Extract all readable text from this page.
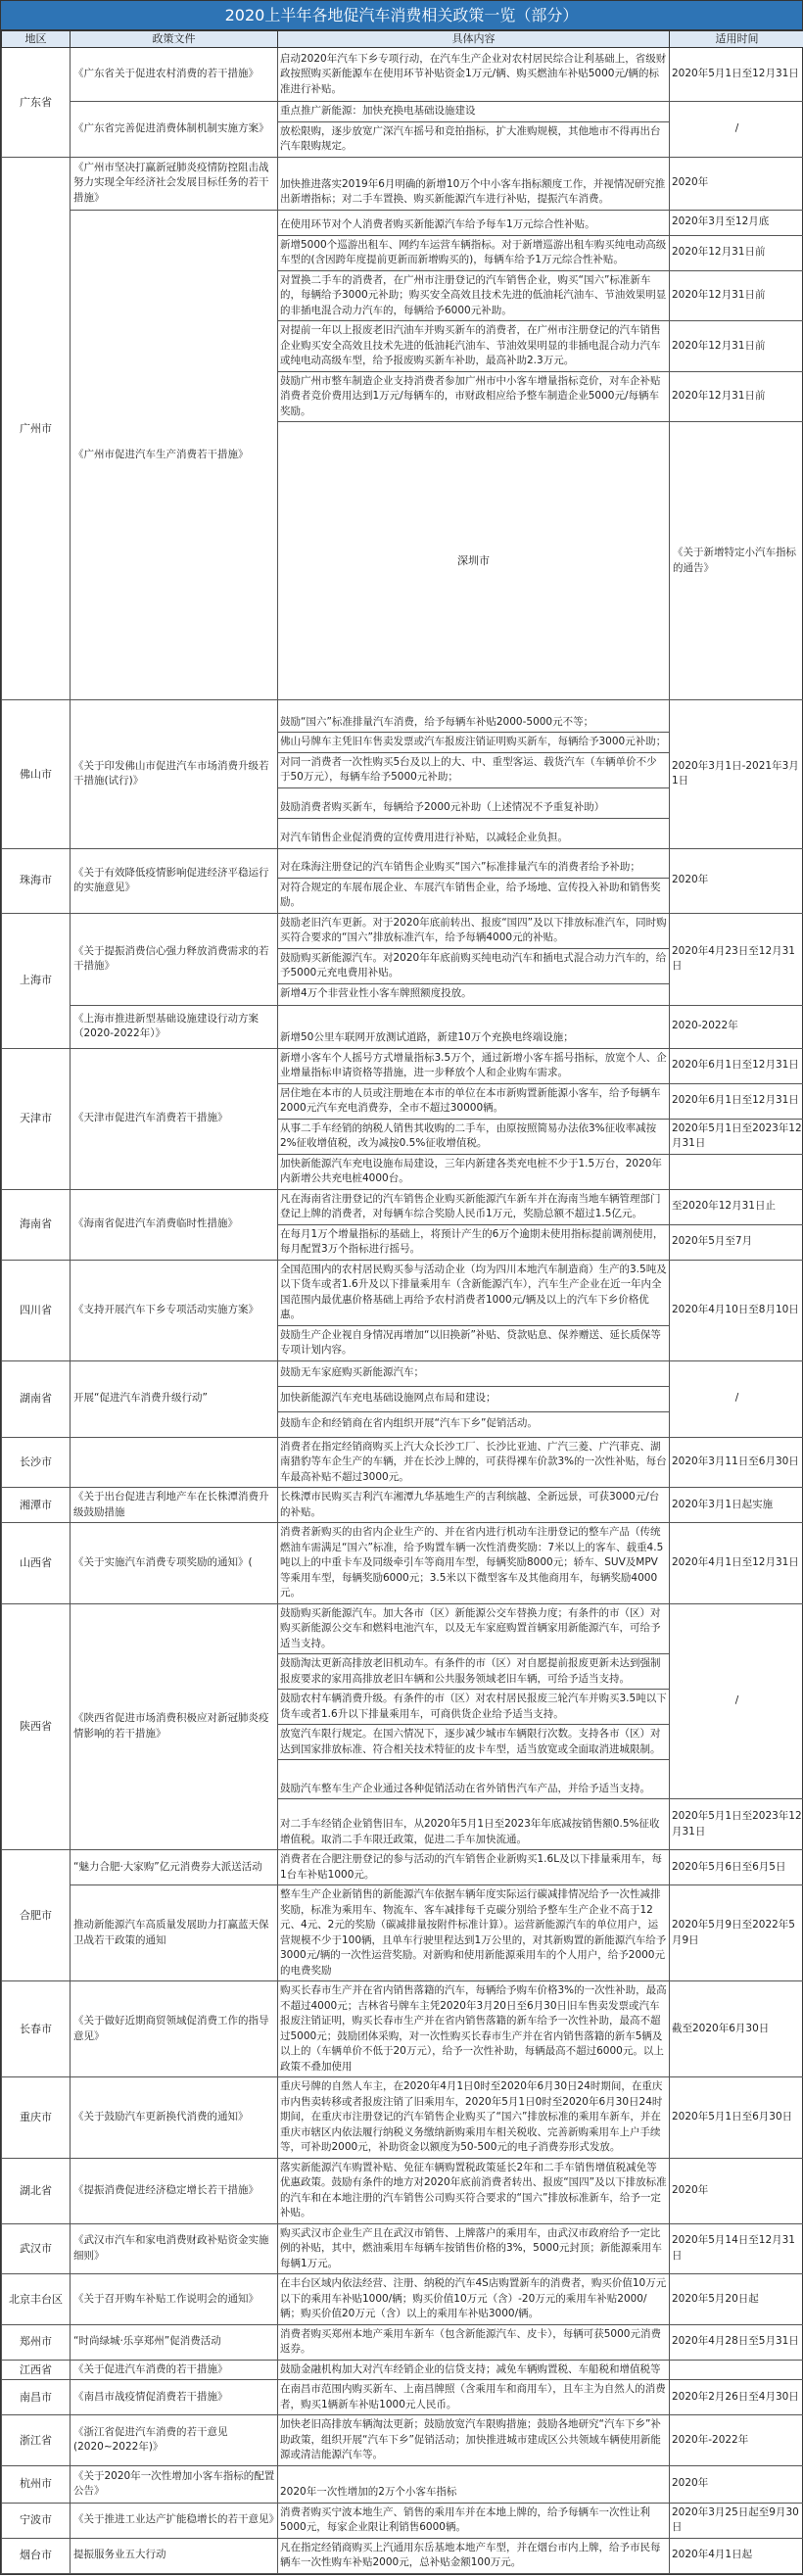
2020上半年各地促汽车消费相关政策一览（部分）
地区	政策文件	具体内容	适用时间	
广东省	《广东省关于促进农村消费的若干措施》	启动2020年汽车下乡专项行动，在汽车生产企业对农村居民综合让利基础上，省级财政按照购买新能源车在使用环节补贴资金1万元/辆、购买燃油车补贴5000元/辆的标准进行补贴。	2020年5月1日至12月31日	
	《广东省完善促进消费体制机制实施方案》	重点推广新能源：加快充换电基础设施建设	/	
		放松限购，逐步放宽广深汽车摇号和竞拍指标，扩大准购规模，其他地市不得再出台汽车限购规定。		
广州市	《广州市坚决打赢新冠肺炎疫情防控阻击战努力实现全年经济社会发展目标任务的若干措施》	加快推进落实2019年6月明确的新增10万个中小客车指标额度工作，并视情况研究推出新增指标；对二手车置换、购买新能源汽车进行补贴，提振汽车消费。	2020年	
	《广州市促进汽车生产消费若干措施》	在使用环节对个人消费者购买新能源汽车给予每车1万元综合性补贴。	2020年3月至12月底	
		新增5000个巡游出租车、网约车运营车辆指标。对于新增巡游出租车购买纯电动高级车型的(含因跨年度提前更新而新增购买的)，每辆车给予1万元综合性补贴。	2020年12月31日前	
		对置换二手车的消费者，在广州市注册登记的汽车销售企业，购买“国六”标准新车的，每辆给予3000元补助；购买安全高效且技术先进的低油耗汽油车、节油效果明显的非插电混合动力汽车的，每辆给予6000元补助。	2020年12月31日前	
		对提前一年以上报废老旧汽油车并购买新车的消费者，在广州市注册登记的汽车销售企业购买安全高效且技术先进的低油耗汽油车、节油效果明显的非插电混合动力汽车或纯电动高级车型，给予报废购买新车补助，最高补助2.3万元。	2020年12月31日前	
		鼓励广州市整车制造企业支持消费者参加广州市中小客车增量指标竞价，对车企补贴消费者竞价费用达到1万元/每辆车的，市财政相应给予整车制造企业5000元/每辆车奖励。	2020年12月31日前	
		深圳市	《关于新增特定小汽车指标的通告》		
佛山市	《关于印发佛山市促进汽车市场消费升级若干措施(试行)》	鼓励“国六”标准排量汽车消费，给予每辆车补贴2000-5000元不等；	2020年3月1日-2021年3月1日	
		佛山号牌车主凭旧车售卖发票或汽车报废注销证明购买新车，每辆给予3000元补助；		
		对同一消费者一次性购买5台及以上的大、中、重型客运、载货汽车（车辆单价不少于50万元），每辆车给予5000元补助；		
		鼓励消费者购买新车，每辆给予2000元补助（上述情况不予重复补助）		
		对汽车销售企业促消费的宣传费用进行补贴，以减轻企业负担。		
珠海市	《关于有效降低疫情影响促进经济平稳运行的实施意见》	对在珠海注册登记的汽车销售企业购买“国六”标准排量汽车的消费者给予补助；	2020年	
		对符合规定的车展布展企业、车展汽车销售企业，给予场地、宣传投入补助和销售奖励。		
上海市	《关于提振消费信心强力释放消费需求的若干措施》	鼓励老旧汽车更新。对于2020年底前转出、报废“国四”及以下排放标准汽车，同时购买符合要求的“国六”排放标准汽车，给予每辆4000元的补贴。	2020年4月23日至12月31日	
		鼓励购买新能源汽车。对2020年年底前购买纯电动汽车和插电式混合动力汽车的，给予5000元充电费用补贴。		
		新增4万个非营业性小客车牌照额度投放。		
	《上海市推进新型基础设施建设行动方案（2020-2022年）》	新增50公里车联网开放测试道路，新建10万个充换电终端设施；	2020-2022年	
天津市	《天津市促进汽车消费若干措施》	新增小客车个人摇号方式增量指标3.5万个，通过新增小客车摇号指标，放宽个人、企业增量指标申请资格等措施，进一步释放个人和企业购车需求。	2020年6月1日至12月31日	
		居住地在本市的人员或注册地在本市的单位在本市新购置新能源小客车，给予每辆车2000元汽车充电消费券，全市不超过30000辆。	2020年6月1日至12月31日	
		从事二手车经销的纳税人销售其收购的二手车，由原按照简易办法依3%征收率减按2%征收增值税，改为减按0.5%征收增值税。	2020年5月1日至2023年12月31日	
		加快新能源汽车充电设施布局建设，三年内新建各类充电桩不少于1.5万台，2020年内新增公共充电桩4000台。		
海南省	《海南省促进汽车消费临时性措施》	凡在海南省注册登记的汽车销售企业购买新能源汽车新车并在海南当地车辆管理部门登记上牌的消费者，对每辆车综合奖励人民币1万元，奖励总额不超过1.5亿元。	至2020年12月31日止	
		在每月1万个增量指标的基础上，将预计产生的6万个逾期未使用指标提前调剂使用，每月配置3万个指标进行摇号。	2020年5月至7月	
四川省	《支持开展汽车下乡专项活动实施方案》	全国范围内的农村居民购买参与活动企业（均为四川本地汽车制造商）生产的3.5吨及以下货车或者1.6升及以下排量乘用车（含新能源汽车），汽车生产企业在近一年内全国范围内最优惠价格基础上再给予农村消费者1000元/辆及以上的汽车下乡价格优惠。	2020年4月10日至8月10日	
		鼓励生产企业视自身情况再增加“以旧换新”补贴、贷款贴息、保养赠送、延长质保等专项计划内容。		
湖南省	开展“促进汽车消费升级行动”	鼓励无车家庭购买新能源汽车；	/	
		加快新能源汽车充电基础设施网点布局和建设；		
		鼓励车企和经销商在省内组织开展“汽车下乡”促销活动。		
长沙市		消费者在指定经销商购买上汽大众长沙工厂、长沙比亚迪、广汽三菱、广汽菲克、湖南猎豹等车企生产的车辆，并在长沙上牌的，可获得裸车价款3%的一次性补贴，每台车最高补贴不超过3000元。	2020年3月11日至6月30日	
湘潭市	《关于出台促进吉利地产车在长株潭消费升级鼓励措施	长株潭市民购买吉利汽车湘潭九华基地生产的吉利缤越、全新远景，可获3000元/台的补贴。	2020年3月1日起实施	
山西省	《关于实施汽车消费专项奖励的通知》(	消费者新购买的由省内企业生产的、并在省内进行机动车注册登记的整车产品（传统燃油车需满足“国六”标准，给予购置车辆一次性消费奖励：7米以上的客车、载重4.5吨以上的中重卡车及同级牵引车等商用车型，每辆奖励8000元；轿车、SUV及MPV等乘用车型，每辆奖励6000元；3.5米以下微型客车及其他商用车，每辆奖励4000元。	2020年4月1日至12月31日	
陕西省	《陕西省促进市场消费积极应对新冠肺炎疫情影响的若干措施》	鼓励购买新能源汽车。加大各市（区）新能源公交车替换力度；有条件的市（区）对购买新能源公交车和燃料电池汽车，以及无车家庭购置首辆家用新能源汽车，可给予适当支持。	/	
		鼓励淘汰更新高排放老旧机动车。有条件的市（区）对自愿提前报废更新未达到强制报废要求的家用高排放老旧车辆和公共服务领域老旧车辆，可给予适当支持。		
		鼓励农村车辆消费升级。有条件的市（区）对农村居民报废三轮汽车并购买3.5吨以下货车或者1.6升以下排量乘用车，可商供货企业给予适当支持。		
		放宽汽车限行规定。在国六情况下，逐步减少城市车辆限行次数。支持各市（区）对达到国家排放标准、符合相关技术特征的皮卡车型，适当放宽或全面取消进城限制。		
		鼓励汽车整车生产企业通过各种促销活动在省外销售汽车产品，并给予适当支持。		
		对二手车经销企业销售旧车，从2020年5月1日至2023年年底减按销售额0.5%征收增值税。取消二手车限迁政策，促进二手车加快流通。	2020年5月1日至2023年12月31日	
合肥市	“魅力合肥·大家购”亿元消费券大派送活动	消费者在合肥注册登记的参与活动的汽车销售企业新购买1.6L及以下排量乘用车，每1台车补贴1000元。	2020年5月6日至6月5日	
	推动新能源汽车高质量发展助力打赢蓝天保卫战若干政策的通知	整车生产企业新销售的新能源汽车依据车辆年度实际运行碳减排情况给予一次性减排奖励，标准为乘用车、物流车、客车减排每千克碳分别给予整车生产企业不高于12元、4元、2元的奖励（碳减排量按附件标准计算）。运营新能源汽车的单位用户，运营规模不少于100辆，且单车行驶里程达到1万公里的，对其新购置的新能源汽车给予3000元/辆的一次性运营奖励。对新购和使用新能源乘用车的个人用户，给予2000元的电费奖励	2020年5月9日至2022年5月9日	
长春市	《关于做好近期商贸领域促消费工作的指导意见》	购买长春市生产并在省内销售落籍的汽车，每辆给予购车价格3%的一次性补助，最高不超过4000元；吉林省号牌车主凭2020年3月20日至6月30日旧车售卖发票或汽车报废注销证明，购买长春市生产并在省内销售落籍的新车给予一次性补助，最高不超过5000元；鼓励团体采购，对一次性购买长春市生产并在省内销售落籍的新车5辆及以上的（车辆单价不低于20万元），给予一次性补助，每辆最高不超过6000元。以上政策不叠加使用	截至2020年6月30日	
重庆市	《关于鼓励汽车更新换代消费的通知》	重庆号牌的自然人车主，在2020年4月1日0时至2020年6月30日24时期间，在重庆市内售卖转移或者报废注销了旧乘用车，2020年5月1日0时至2020年6月30日24时期间，在重庆市注册登记的汽车销售企业购买了“国六”排放标准的乘用车新车，并在重庆市辖区内依法履行纳税义务缴纳新购乘用车相关税收、完善新购乘用车上户手续等，可补助2000元，补助资金以额度为50-500元的电子消费券形式发放。	2020年5月1日至6月30日	
湖北省	《提振消费促进经济稳定增长若干措施》	落实新能源汽车购置补贴、免征车辆购置税政策延长2年和二手车销售增值税减免等优惠政策。鼓励有条件的地方对2020年底前消费者转出、报废“国四”及以下排放标准的汽车和在本地注册的汽车销售公司购买符合要求的“国六”排放标准新车，给予一定补贴。	2020年	
武汉市	《武汉市汽车和家电消费财政补贴资金实施细则》	购买武汉市企业生产且在武汉市销售、上牌落户的乘用车，由武汉市政府给予一定比例的补贴，其中，燃油乘用车每辆车按销售价格的3%，5000元封顶；新能源乘用车每辆1万元。	2020年5月14日至12月31日	
北京丰台区	《关于召开购车补贴工作说明会的通知》	在丰台区域内依法经营、注册、纳税的汽车4S店购置新车的消费者，购买价值10万元以下的乘用车补贴1000/辆；购买价值10万元（含）-20万元的乘用车补贴2000/辆；购买价值20万元（含）以上的乘用车补贴3000/辆。	2020年5月20日起	
郑州市	“时尚绿城·乐享郑州”促消费活动	消费者购买郑州本地产乘用车新车（包含新能源汽车、皮卡），每辆可获5000元消费返券。	2020年4月28日至5月31日	
江西省	《关于促进汽车消费的若干措施》	鼓励金融机构加大对汽车经销企业的信贷支持；减免车辆购置税、车船税和增值税等		
南昌市	《南昌市战疫情促消费若干措施》	在南昌市范围内购买新车、上南昌牌照（含乘用车和商用车），且车主为自然人的消费者，购买1辆新车补贴1000元人民币。	2020年2月26日至4月30日	
浙江省	《浙江省促进汽车消费的若干意见(2020~2022年)》	加快老旧高排放车辆淘汰更新；鼓励放宽汽车限购措施；鼓励各地研究“汽车下乡”补助政策，组织开展“汽车下乡”促销活动；加快推进城市建成区公共领域车辆使用新能源或清洁能源汽车等。	2020年-2022年	
杭州市	《关于2020年一次性增加小客车指标的配置公告》	2020年一次性增加的2万个小客车指标	2020年	
宁波市	《关于推进工业达产扩能稳增长的若干意见》	消费者购买宁波本地生产、销售的乘用车并在本地上牌的，给予每辆车一次性让利5000元，每家企业限让利销售6000辆。	2020年3月25日起至9月30日	
烟台市	提振服务业五大行动	凡在指定经销商购买上汽通用东岳基地本地产车型，并在烟台市内上牌，给予市民每辆车一次性购车补贴2000元，总补贴金额100万元。	2020年4月1日起	
